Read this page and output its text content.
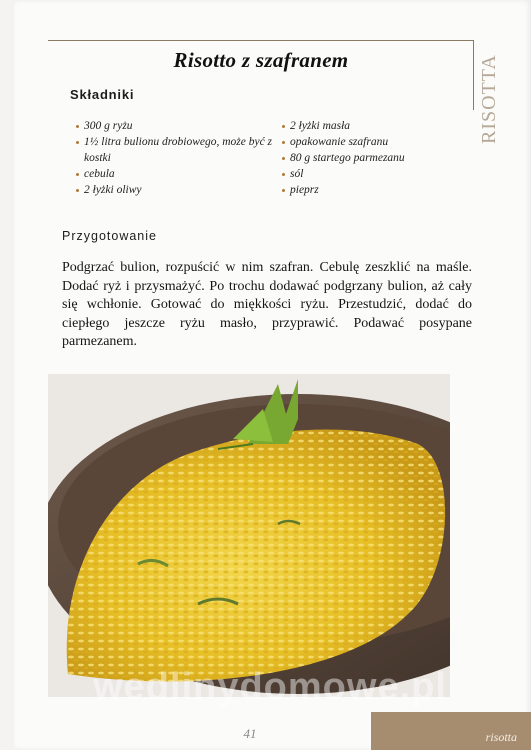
Risotto z szafranem	RISOTTA
Składniki
300 g ryżu
1½ litra bulionu drobiowego, może być z kostki
cebula
2 łyżki oliwy
2 łyżki masła
opakowanie szafranu
80 g startego parmezanu
sól
pieprz
Przygotowanie

Podgrzać bulion, rozpuścić w nim szafran. Cebulę zeszklić na maśle. Dodać ryż i przysmażyć. Po trochu dodawać podgrzany bulion, aż cały się wchłonie. Gotować do miękkości ryżu. Przestudzić, dodać do ciepłego jeszcze ryżu masło, przyprawić. Podawać posypane parmezanem.

wedlinydomowe.pl
41	risotta
